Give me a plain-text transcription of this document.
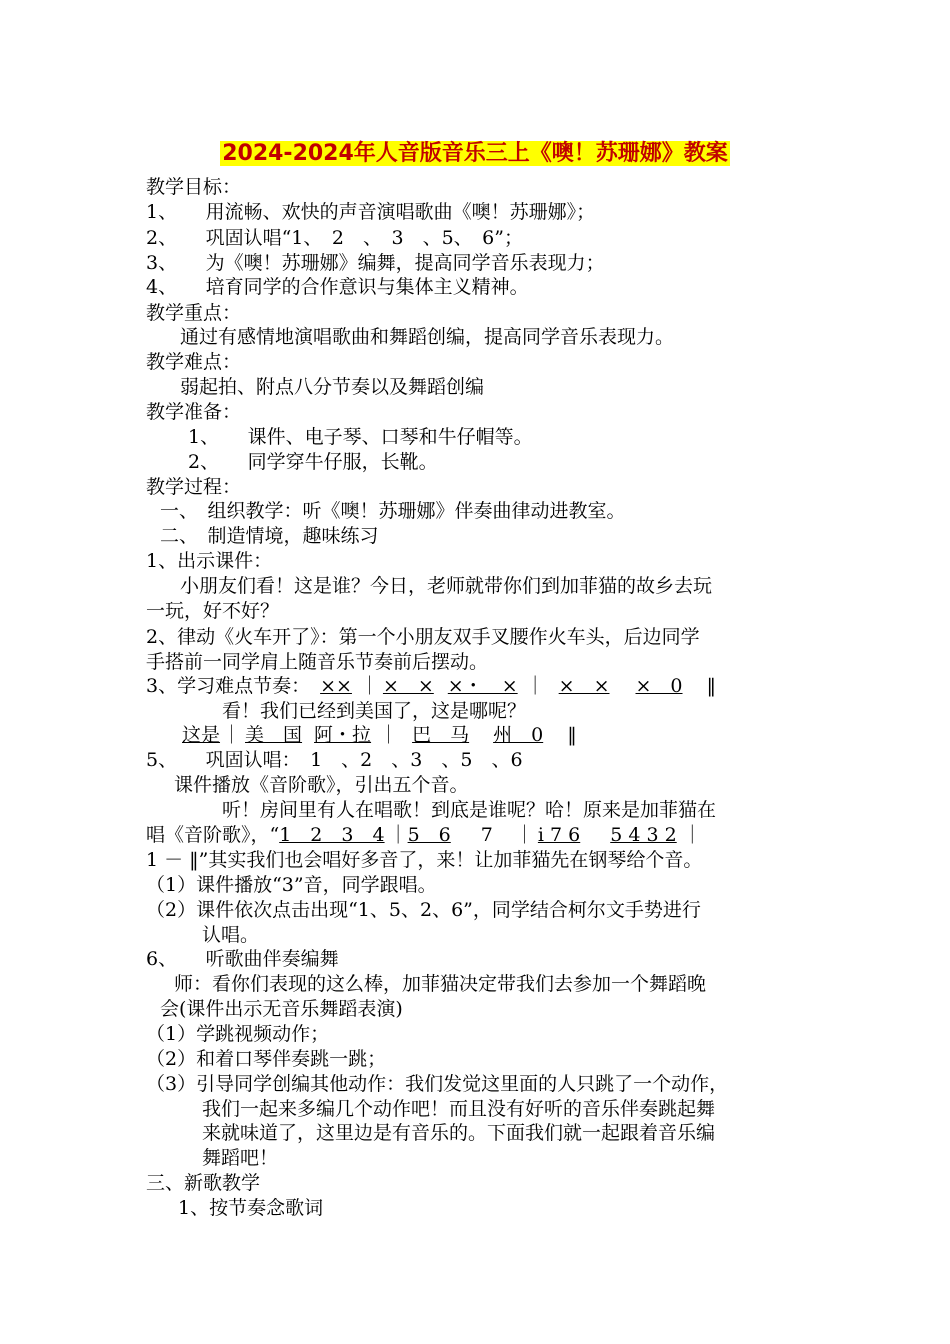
2024-2024年人音版音乐三上《噢！苏珊娜》教案
教学目标：
1、　　用流畅、欢快的声音演唱歌曲《噢！苏珊娜》；
2、　　巩固认唱“1、　2　、　3　、5、　6”；
3、　　为《噢！苏珊娜》编舞，提高同学音乐表现力；
4、　　培育同学的合作意识与集体主义精神。
教学重点：
通过有感情地演唱歌曲和舞蹈创编，提高同学音乐表现力。
教学难点：
弱起拍、附点八分节奏以及舞蹈创编
教学准备：
1、　　课件、电子琴、口琴和牛仔帽等。
2、　　同学穿牛仔服，长靴。
教学过程：
一、　组织教学：听《噢！苏珊娜》伴奏曲律动进教室。
二、　制造情境，趣味练习
1、出示课件：
小朋友们看！这是谁？今日，老师就带你们到加菲猫的故乡去玩
一玩，好不好？
2、律动《火车开了》：第一个小朋友双手叉腰作火车头，后边同学
手搭前一同学肩上随音乐节奏前后摆动。
3、学习难点节奏： ×× ｜ ×　× ×・　× ｜ ×　× ×　0 ‖
看！我们已经到美国了，这是哪呢？
这是 ｜ 美　国 阿・拉 ｜ 巴　马 州　0 ‖
5、　　巩固认唱：　1　、2　、3　、5　、6
课件播放《音阶歌》，引出五个音。
听！房间里有人在唱歌！到底是谁呢？哈！原来是加菲猫在
唱《音阶歌》，“1　2　3　4 ｜5　6 7 ｜ i 7 6 5 4 3 2 ｜
1 － ‖”其实我们也会唱好多音了，来！让加菲猫先在钢琴给个音。
（1）课件播放“3”音，同学跟唱。
（2）课件依次点击出现“1、5、2、6”，同学结合柯尔文手势进行
认唱。
6、　　听歌曲伴奏编舞
师：看你们表现的这么棒，加菲猫决定带我们去参加一个舞蹈晚
会(课件出示无音乐舞蹈表演)
（1）学跳视频动作；
（2）和着口琴伴奏跳一跳；
（3）引导同学创编其他动作：我们发觉这里面的人只跳了一个动作，
我们一起来多编几个动作吧！而且没有好听的音乐伴奏跳起舞
来就味道了，这里边是有音乐的。下面我们就一起跟着音乐编
舞蹈吧！
三、新歌教学
1、按节奏念歌词
